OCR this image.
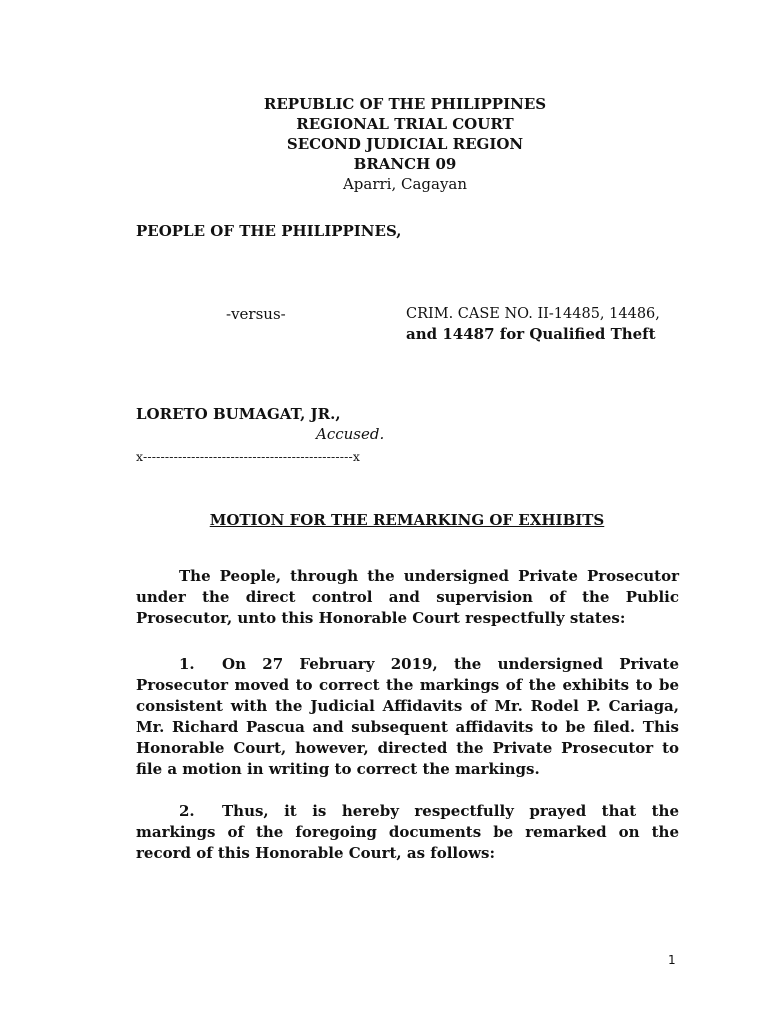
REPUBLIC OF THE PHILIPPINES
REGIONAL TRIAL COURT
SECOND JUDICIAL REGION
BRANCH 09
Aparri, Cagayan
PEOPLE OF THE PHILIPPINES,
-versus-	CRIM. CASE NO. II-14485, 14486,
and 14487 for Qualified Theft
LORETO BUMAGAT, JR.,
Accused.
x------------------------------------------------x
MOTION FOR THE REMARKING OF EXHIBITS
The People, through the undersigned Private Prosecutor under the direct control and supervision of the Public Prosecutor, unto this Honorable Court respectfully states:
1. On 27 February 2019, the undersigned Private Prosecutor moved to correct the markings of the exhibits to be consistent with the Judicial Affidavits of Mr. Rodel P. Cariaga, Mr. Richard Pascua and subsequent affidavits to be filed. This Honorable Court, however, directed the Private Prosecutor to file a motion in writing to correct the markings.
2. Thus, it is hereby respectfully prayed that the markings of the foregoing documents be remarked on the record of this Honorable Court, as follows:
1
